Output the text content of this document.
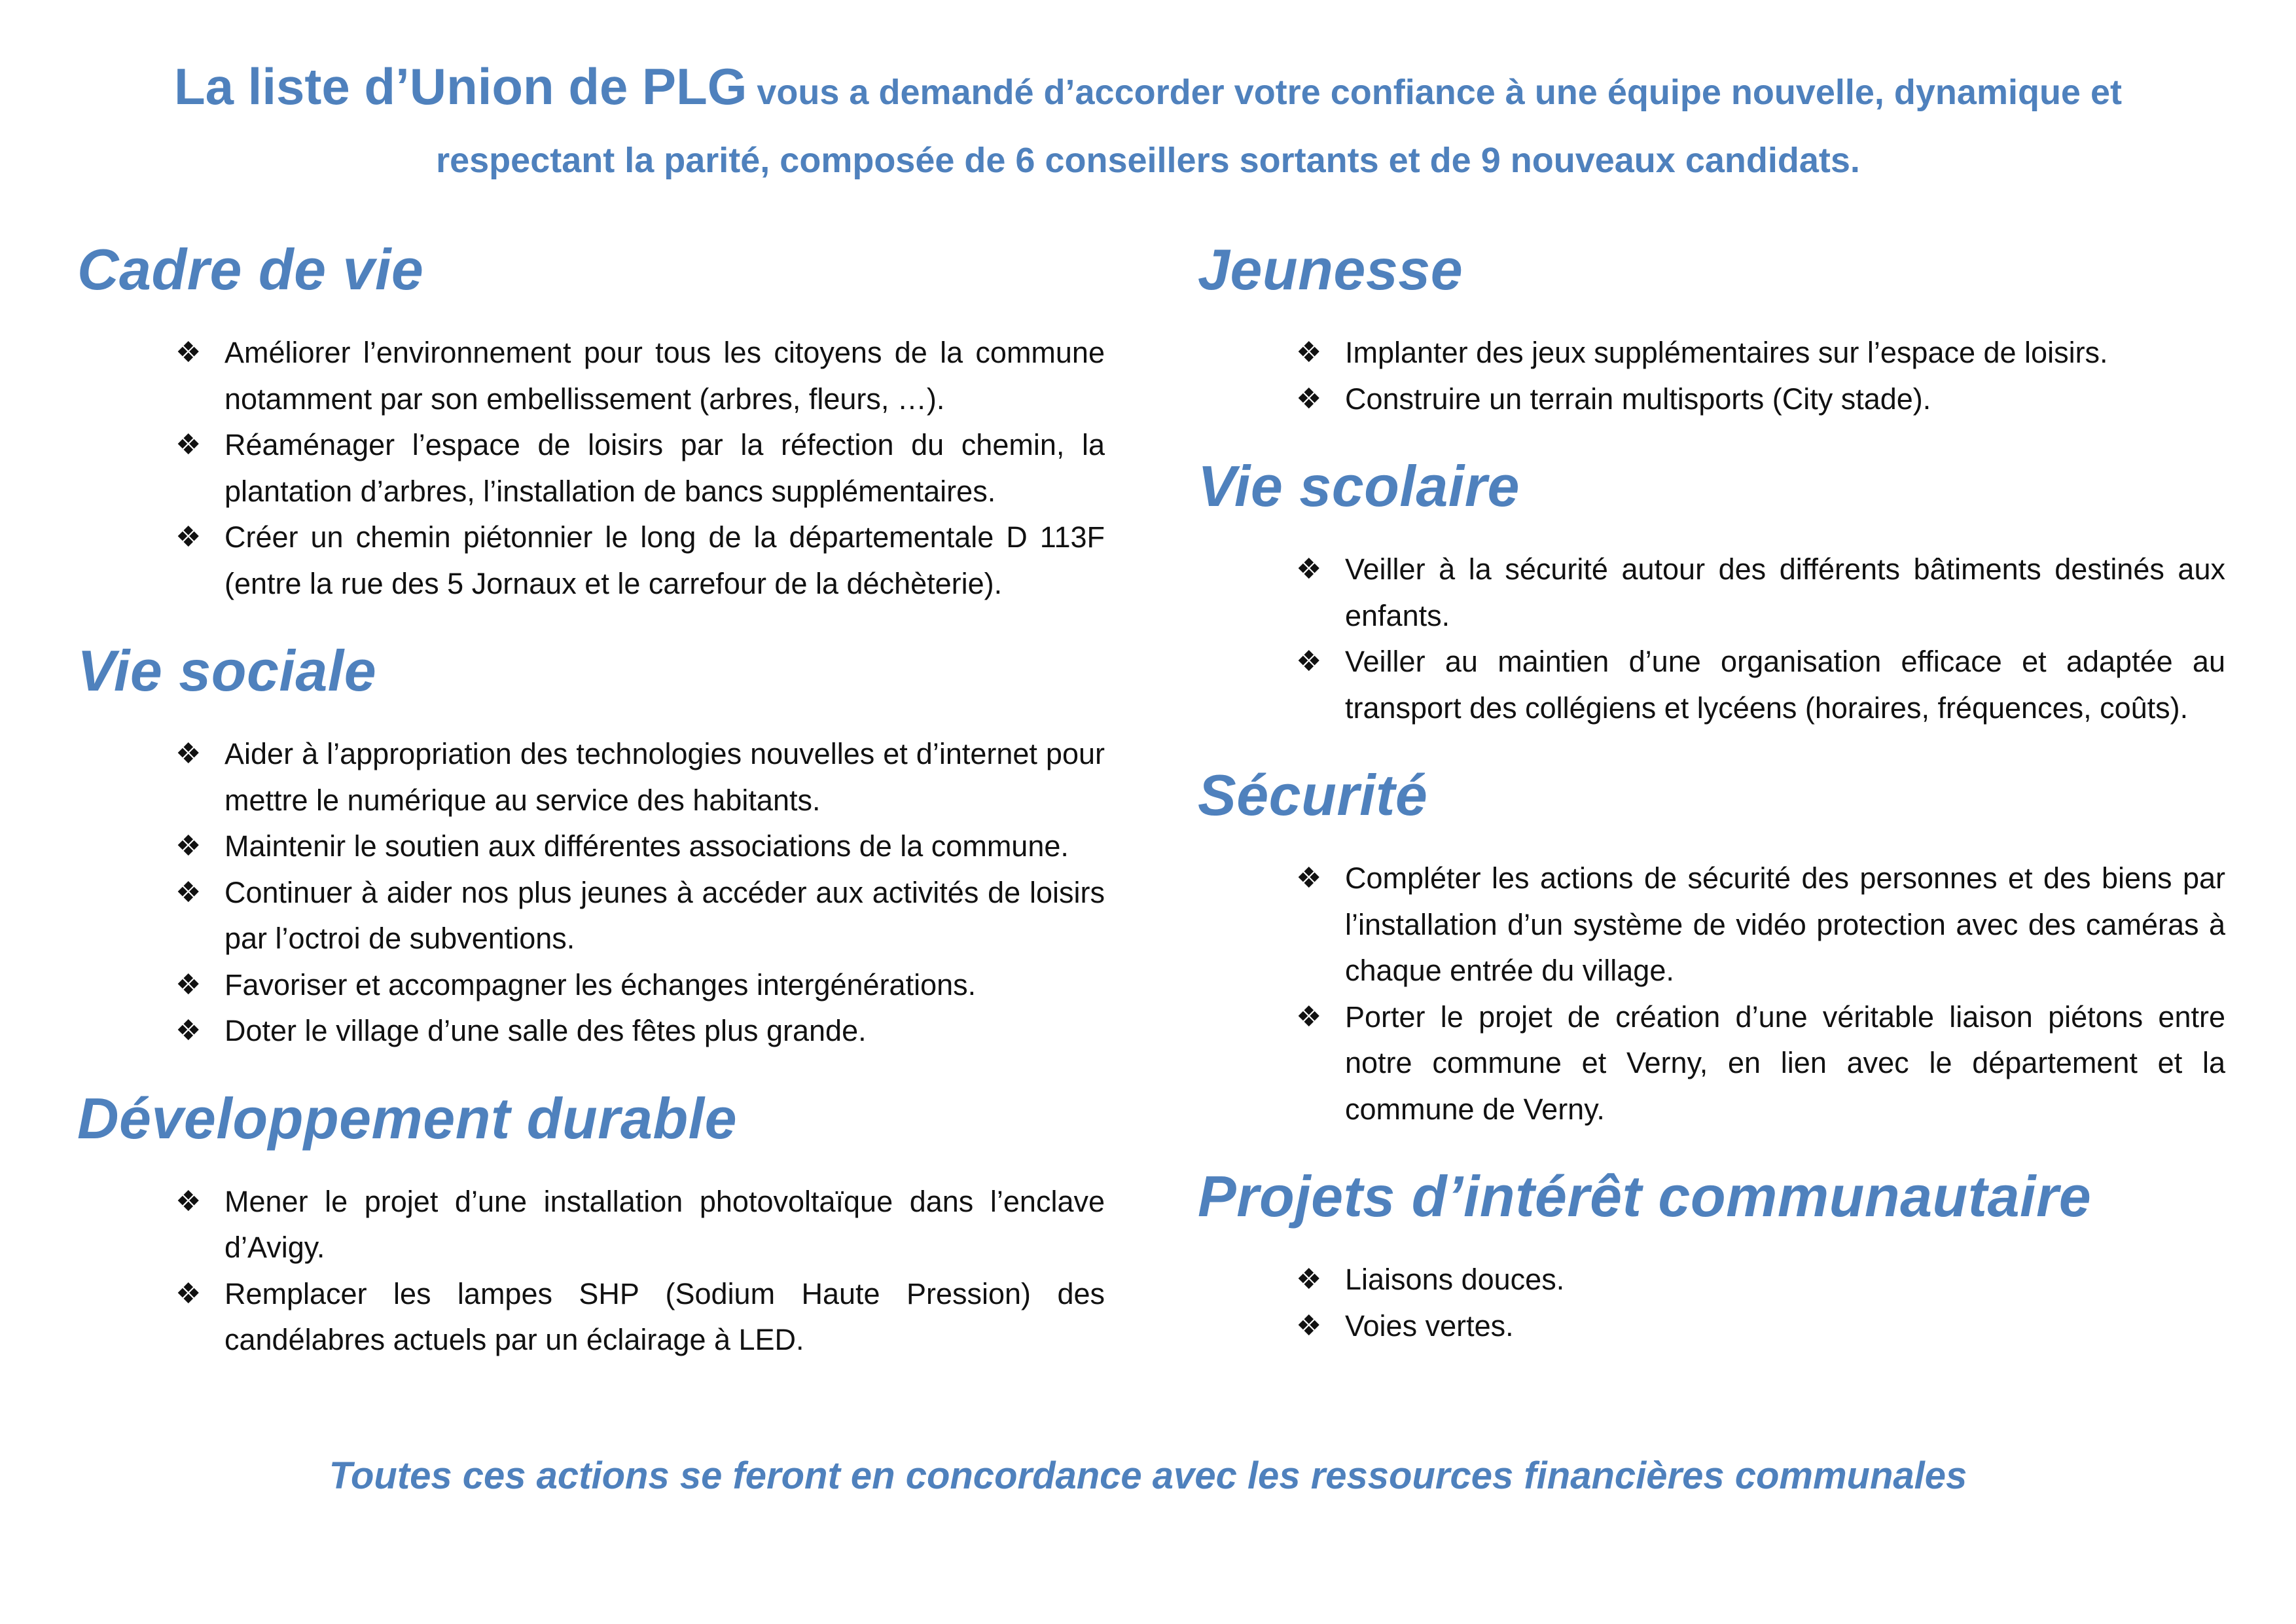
La liste d’Union de PLG vous a demandé d’accorder votre confiance à une équipe nouvelle, dynamique et respectant la parité, composée de 6 conseillers sortants et de 9 nouveaux candidats.

Cadre de vie
❖ Améliorer l’environnement pour tous les citoyens de la commune notamment par son embellissement (arbres, fleurs, …).
❖ Réaménager l’espace de loisirs par la réfection du chemin, la plantation d’arbres, l’installation de bancs supplémentaires.
❖ Créer un chemin piétonnier le long de la départementale D 113F (entre la rue des 5 Jornaux et le carrefour de la déchèterie).
Vie sociale
❖ Aider à l’appropriation des technologies nouvelles et d’internet pour mettre le numérique au service des habitants.
❖ Maintenir le soutien aux différentes associations de la commune.
❖ Continuer à aider nos plus jeunes à accéder aux activités de loisirs par l’octroi de subventions.
❖ Favoriser et accompagner les échanges intergénérations.
❖ Doter le village d’une salle des fêtes plus grande.
Développement durable
❖ Mener le projet d’une installation photovoltaïque dans l’enclave d’Avigy.
❖ Remplacer les lampes SHP (Sodium Haute Pression) des candélabres actuels par un éclairage à LED.
Jeunesse
❖ Implanter des jeux supplémentaires sur l’espace de loisirs.
❖ Construire un terrain multisports (City stade).
Vie scolaire
❖ Veiller à la sécurité autour des différents bâtiments destinés aux enfants.
❖ Veiller au maintien d’une organisation efficace et adaptée au transport des collégiens et lycéens (horaires, fréquences, coûts).
Sécurité
❖ Compléter les actions de sécurité des personnes et des biens par l’installation d’un système de vidéo protection avec des caméras à chaque entrée du village.
❖ Porter le projet de création d’une véritable liaison piétons entre notre commune et Verny, en lien avec le département et la commune de Verny.
Projets d’intérêt communautaire
❖ Liaisons douces.
❖ Voies vertes.

Toutes ces actions se feront en concordance avec les ressources financières communales
